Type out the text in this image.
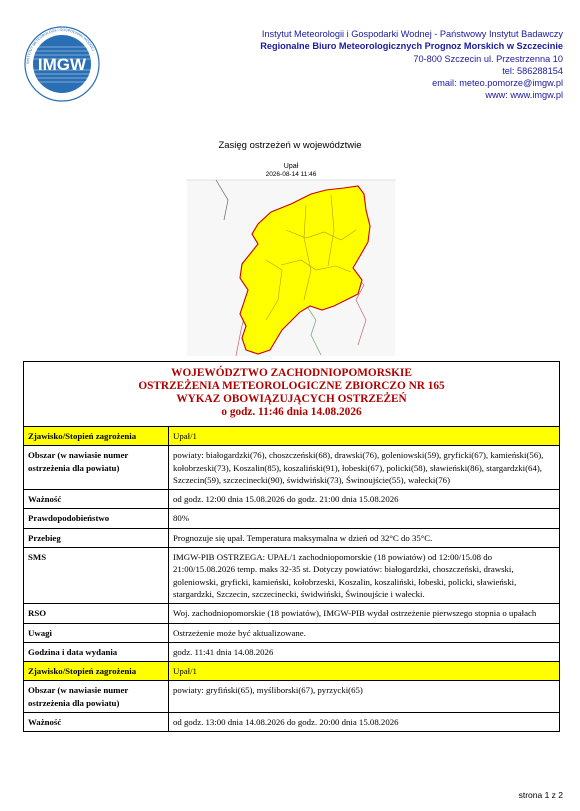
IMGW
INSTYTUT METEOROLOGII I GOSPODARKI WODNEJ
Instytut Meteorologii i Gospodarki Wodnej - Państwowy Instytut Badawczy
Regionalne Biuro Meteorologicznych Prognoz Morskich w Szczecinie
70-800 Szczecin ul. Przestrzenna 10
tel: 586288154
email: meteo.pomorze@imgw.pl
www: www.imgw.pl
Zasięg ostrzeżeń w województwie
Upał
2026-08-14 11:46
WOJEWÓDZTWO ZACHODNIOPOMORSKIE
OSTRZEŻENIA METEOROLOGICZNE ZBIORCZO NR 165
WYKAZ OBOWIĄZUJĄCYCH OSTRZEŻEŃ
o godz. 11:46 dnia 14.08.2026
Zjawisko/Stopień zagrożenia	Upał/1
Obszar (w nawiasie numer ostrzeżenia dla powiatu)	powiaty: białogardzki(76), choszczeński(68), drawski(76), goleniowski(59), gryficki(67), kamieński(56), kołobrzeski(73), Koszalin(85), koszaliński(91), łobeski(67), policki(58), sławieński(86), stargardzki(64), Szczecin(59), szczecinecki(90), świdwiński(73), Świnoujście(55), wałecki(76)
Ważność	od godz. 12:00 dnia 15.08.2026 do godz. 21:00 dnia 15.08.2026
Prawdopodobieństwo	80%
Przebieg	Prognozuje się upał. Temperatura maksymalna w dzień od 32°C do 35°C.
SMS	IMGW-PIB OSTRZEGA: UPAŁ/1 zachodniopomorskie (18 powiatów) od 12:00/15.08 do 21:00/15.08.2026 temp. maks 32-35 st. Dotyczy powiatów: białogardzki, choszczeński, drawski, goleniowski, gryficki, kamieński, kołobrzeski, Koszalin, koszaliński, łobeski, policki, sławieński, stargardzki, Szczecin, szczecinecki, świdwiński, Świnoujście i wałecki.
RSO	Woj. zachodniopomorskie (18 powiatów), IMGW-PIB wydał ostrzeżenie pierwszego stopnia o upałach
Uwagi	Ostrzeżenie może być aktualizowane.
Godzina i data wydania	godz. 11:41 dnia 14.08.2026
Zjawisko/Stopień zagrożenia	Upał/1
Obszar (w nawiasie numer ostrzeżenia dla powiatu)	powiaty: gryfiński(65), myśliborski(67), pyrzycki(65)
Ważność	od godz. 13:00 dnia 14.08.2026 do godz. 20:00 dnia 15.08.2026
strona 1 z 2
